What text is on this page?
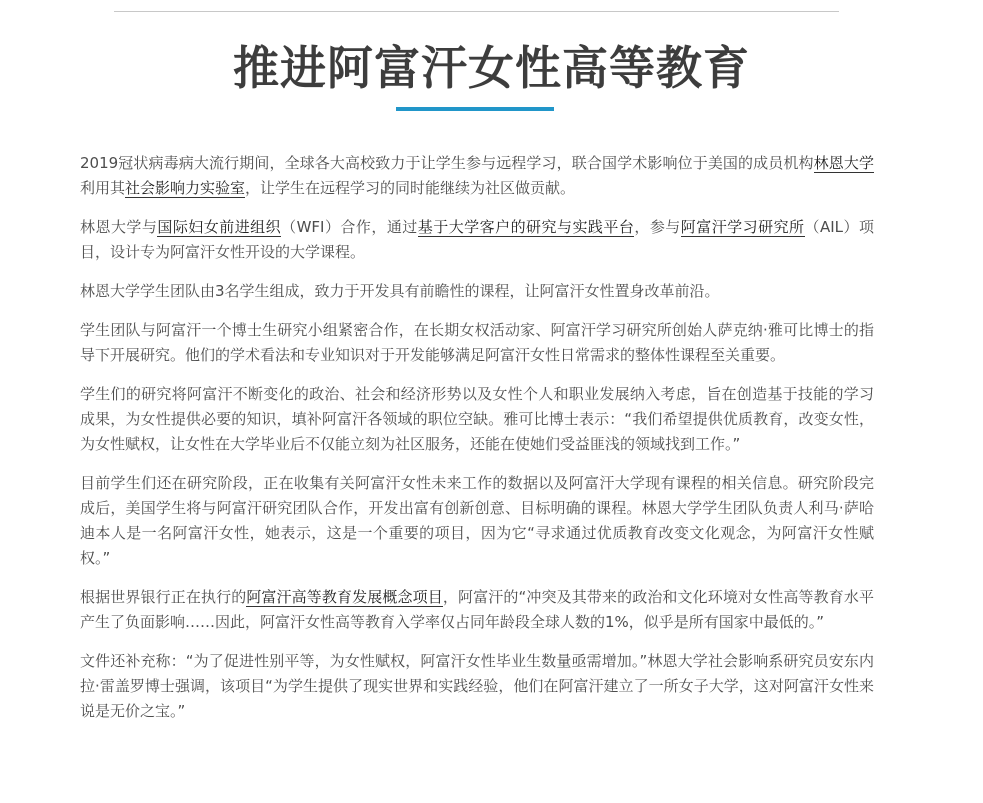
推进阿富汗女性高等教育

2019冠状病毒病大流行期间，全球各大高校致力于让学生参与远程学习，联合国学术影响位于美国的成员机构林恩大学利用其社会影响力实验室，让学生在远程学习的同时能继续为社区做贡献。

林恩大学与国际妇女前进组织（WFI）合作，通过基于大学客户的研究与实践平台，参与阿富汗学习研究所（AIL）项目，设计专为阿富汗女性开设的大学课程。

林恩大学学生团队由3名学生组成，致力于开发具有前瞻性的课程，让阿富汗女性置身改革前沿。

学生团队与阿富汗一个博士生研究小组紧密合作，在长期女权活动家、阿富汗学习研究所创始人萨克纳·雅可比博士的指导下开展研究。他们的学术看法和专业知识对于开发能够满足阿富汗女性日常需求的整体性课程至关重要。

学生们的研究将阿富汗不断变化的政治、社会和经济形势以及女性个人和职业发展纳入考虑，旨在创造基于技能的学习成果，为女性提供必要的知识，填补阿富汗各领域的职位空缺。雅可比博士表示：“我们希望提供优质教育，改变女性，为女性赋权，让女性在大学毕业后不仅能立刻为社区服务，还能在使她们受益匪浅的领域找到工作。”

目前学生们还在研究阶段，正在收集有关阿富汗女性未来工作的数据以及阿富汗大学现有课程的相关信息。研究阶段完成后，美国学生将与阿富汗研究团队合作，开发出富有创新创意、目标明确的课程。林恩大学学生团队负责人利马·萨哈迪本人是一名阿富汗女性，她表示，这是一个重要的项目，因为它“寻求通过优质教育改变文化观念，为阿富汗女性赋权。”

根据世界银行正在执行的阿富汗高等教育发展概念项目，阿富汗的“冲突及其带来的政治和文化环境对女性高等教育水平产生了负面影响……因此，阿富汗女性高等教育入学率仅占同年龄段全球人数的1%，似乎是所有国家中最低的。”

文件还补充称：“为了促进性别平等，为女性赋权，阿富汗女性毕业生数量亟需增加。”林恩大学社会影响系研究员安东内拉·雷盖罗博士强调，该项目“为学生提供了现实世界和实践经验，他们在阿富汗建立了一所女子大学，这对阿富汗女性来说是无价之宝。”
